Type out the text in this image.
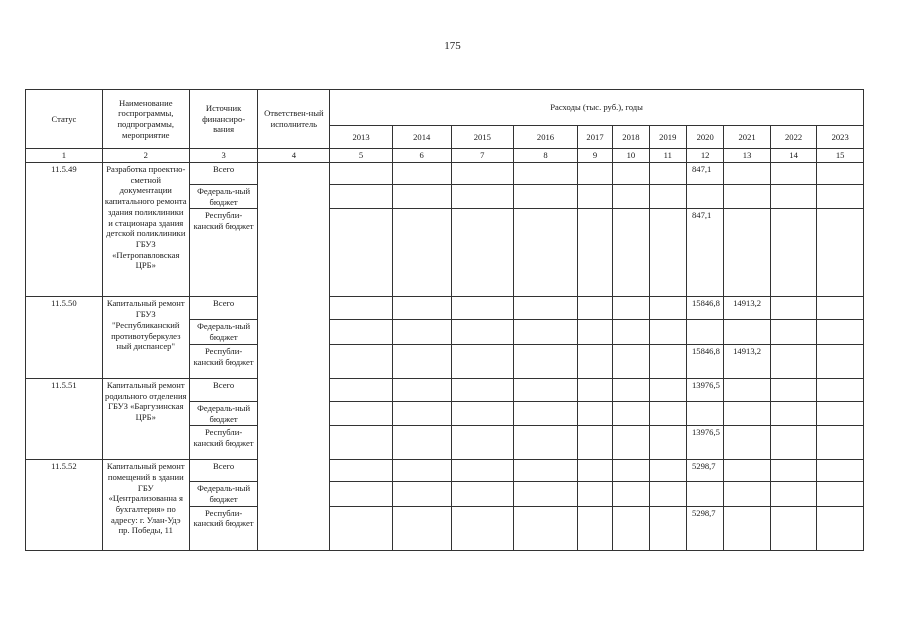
175
Статус	Наименование госпрограммы, подпрограммы, мероприятие	Источник финансиро-вания	Ответствен-ный исполнитель	Расходы (тыс. руб.), годы										
				2013	2014	2015	2016	2017	2018	2019	2020	2021	2022	2023
1	2	3	4	5	6	7	8	9	10	11	12	13	14	15
11.5.49	Разработка проектно-сметной документации капитального ремонта здания поликлиники и стационара здания детской поликлиники ГБУЗ «Петропавловская ЦРБ»	Всего									847,1			
		Федераль-ный бюджет												
		Республи-канский бюджет									847,1			
11.5.50	Капитальный ремонт ГБУЗ "Республиканский противотуберкулез ный диспансер"	Всего									15846,8	14913,2		
		Федераль-ный бюджет												
		Республи-канский бюджет									15846,8	14913,2		
11.5.51	Капитальный ремонт родильного отделения ГБУЗ «Баргузинская ЦРБ»	Всего									13976,5			
		Федераль-ный бюджет												
		Республи-канский бюджет									13976,5			
11.5.52	Капитальный ремонт помещений в здании ГБУ «Централизованна я бухгалтерия» по адресу: г. Улан-Удэ пр. Победы, 11	Всего									5298,7			
		Федераль-ный бюджет												
		Республи-канский бюджет									5298,7			
